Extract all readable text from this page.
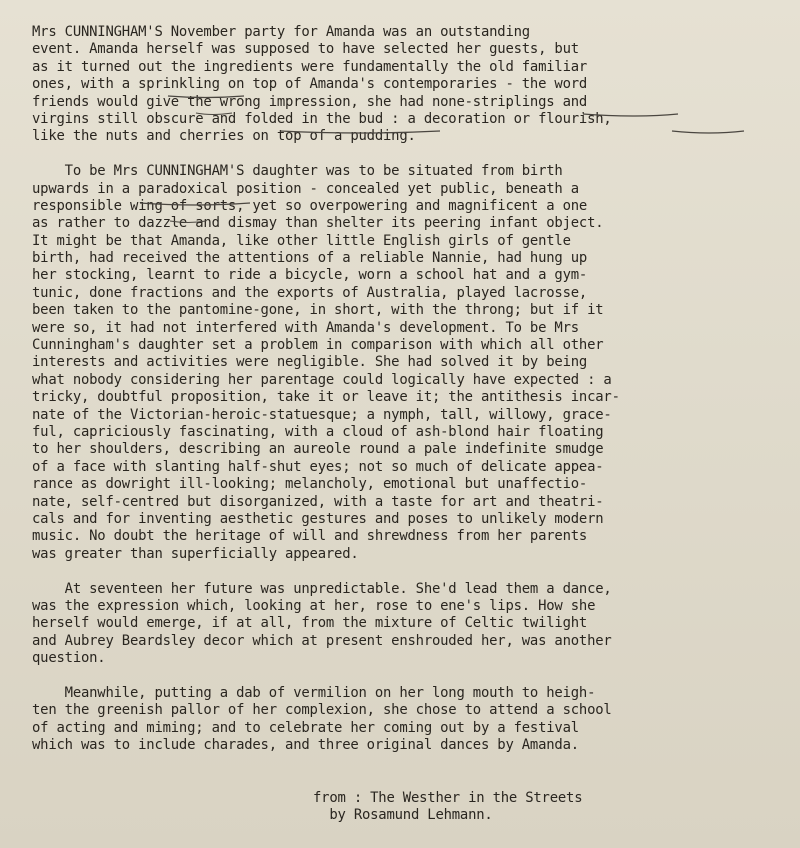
Mrs CUNNINGHAM'S November party for Amanda was an outstanding
event. Amanda herself was supposed to have selected her guests, but
as it turned out the ingredients were fundamentally the old familiar
ones, with a sprinkling on top of Amanda's contemporaries - the word
friends would give the wrong impression, she had none-striplings and
virgins still obscure and folded in the bud : a decoration or flourish,
like the nuts and cherries on top of a pudding.
To be Mrs CUNNINGHAM'S daughter was to be situated from birth
upwards in a paradoxical position - concealed yet public, beneath a
responsible wing of sorts, yet so overpowering and magnificent a one
as rather to dazzle and dismay than shelter its peering infant object.
It might be that Amanda, like other little English girls of gentle
birth, had received the attentions of a reliable Nannie, had hung up
her stocking, learnt to ride a bicycle, worn a school hat and a gym-
tunic, done fractions and the exports of Australia, played lacrosse,
been taken to the pantomine-gone, in short, with the throng; but if it
were so, it had not interfered with Amanda's development. To be Mrs
Cunningham's daughter set a problem in comparison with which all other
interests and activities were negligible. She had solved it by being
what nobody considering her parentage could logically have expected : a
tricky, doubtful proposition, take it or leave it; the antithesis incar-
nate of the Victorian-heroic-statuesque; a nymph, tall, willowy, grace-
ful, capriciously fascinating, with a cloud of ash-blond hair floating
to her shoulders, describing an aureole round a pale indefinite smudge
of a face with slanting half-shut eyes; not so much of delicate appea-
rance as dowright ill-looking; melancholy, emotional but unaffectio-
nate, self-centred but disorganized, with a taste for art and theatri-
cals and for inventing aesthetic gestures and poses to unlikely modern
music. No doubt the heritage of will and shrewdness from her parents
was greater than superficially appeared.
At seventeen her future was unpredictable. She'd lead them a dance,
was the expression which, looking at her, rose to ene's lips. How she
herself would emerge, if at all, from the mixture of Celtic twilight
and Aubrey Beardsley decor which at present enshrouded her, was another
question.
Meanwhile, putting a dab of vermilion on her long mouth to heigh-
ten the greenish pallor of her complexion, she chose to attend a school
of acting and miming; and to celebrate her coming out by a festival
which was to include charades, and three original dances by Amanda.
from : The Westher in the Streets
by Rosamund Lehmann.
